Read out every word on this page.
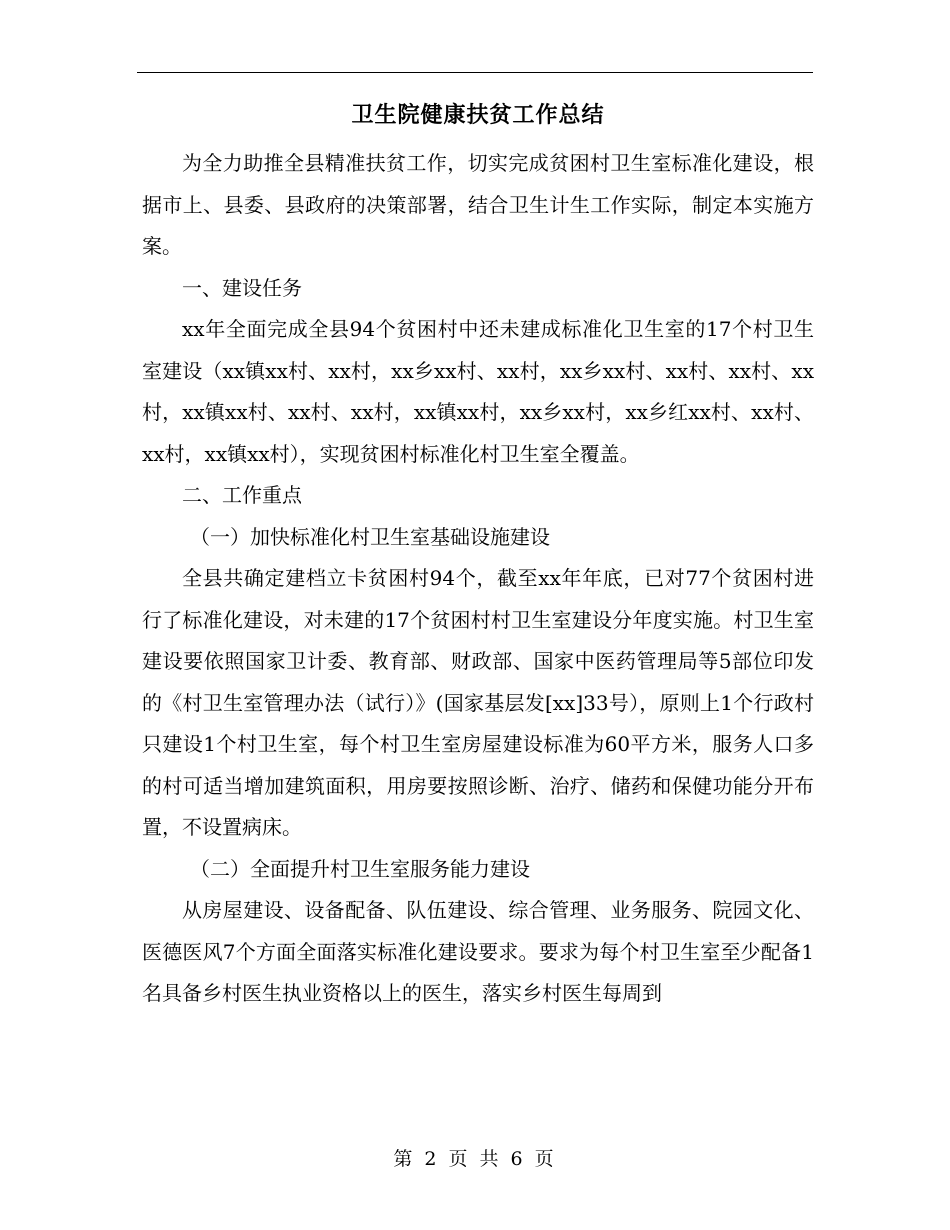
卫生院健康扶贫工作总结

为全力助推全县精准扶贫工作，切实完成贫困村卫生室标准化建设，根据市上、县委、县政府的决策部署，结合卫生计生工作实际，制定本实施方案。

一、建设任务

xx年全面完成全县94个贫困村中还未建成标准化卫生室的17个村卫生室建设（xx镇xx村、xx村，xx乡xx村、xx村，xx乡xx村、xx村、xx村、xx村，xx镇xx村、xx村、xx村，xx镇xx村，xx乡xx村，xx乡红xx村、xx村、xx村，xx镇xx村），实现贫困村标准化村卫生室全覆盖。

二、工作重点

（一）加快标准化村卫生室基础设施建设

全县共确定建档立卡贫困村94个，截至xx年年底，已对77个贫困村进行了标准化建设，对未建的17个贫困村村卫生室建设分年度实施。村卫生室建设要依照国家卫计委、教育部、财政部、国家中医药管理局等5部位印发的《村卫生室管理办法（试行）》(国家基层发[xx]33号），原则上1个行政村只建设1个村卫生室，每个村卫生室房屋建设标准为60平方米，服务人口多的村可适当增加建筑面积，用房要按照诊断、治疗、储药和保健功能分开布置，不设置病床。

（二）全面提升村卫生室服务能力建设

从房屋建设、设备配备、队伍建设、综合管理、业务服务、院园文化、医德医风7个方面全面落实标准化建设要求。要求为每个村卫生室至少配备1名具备乡村医生执业资格以上的医生，落实乡村医生每周到

第 2 页 共 6 页
